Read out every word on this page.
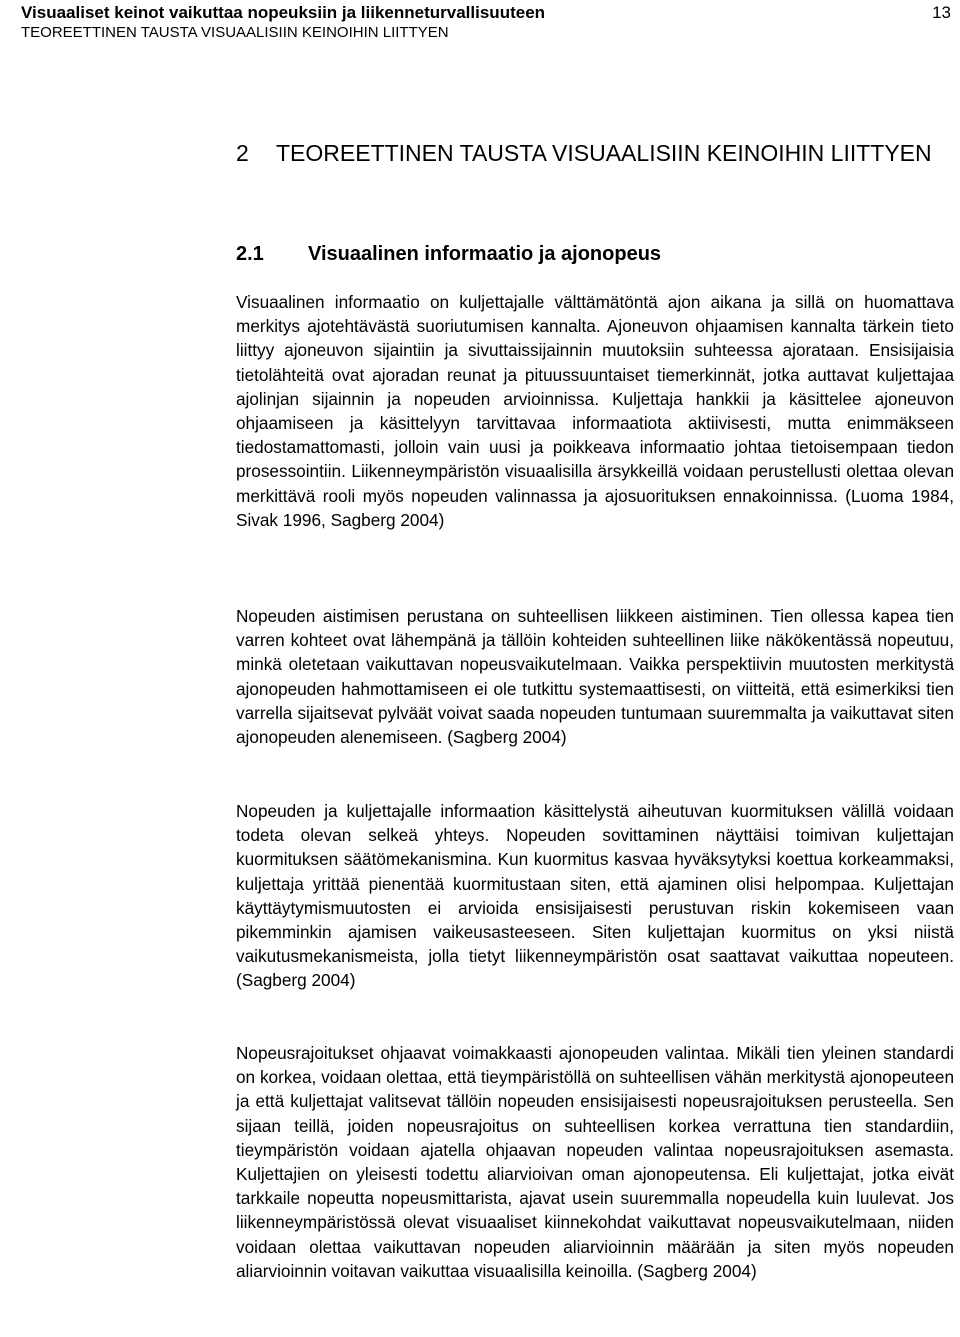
Visuaaliset keinot vaikuttaa nopeuksiin ja liikenneturvallisuuteen
TEOREETTINEN TAUSTA VISUAALISIIN KEINOIHIN LIITTYEN
13
2 TEOREETTINEN TAUSTA VISUAALISIIN KEINOIHIN LIITTYEN
2.1 Visuaalinen informaatio ja ajonopeus

Visuaalinen informaatio on kuljettajalle välttämätöntä ajon aikana ja sillä on huomattava merkitys ajotehtävästä suoriutumisen kannalta. Ajoneuvon ohjaamisen kannalta tärkein tieto liittyy ajoneuvon sijaintiin ja sivuttaissijainnin muutoksiin suhteessa ajorataan. Ensisijaisia tietolähteitä ovat ajoradan reunat ja pituussuuntaiset tiemerkinnät, jotka auttavat kuljettajaa ajolinjan sijainnin ja nopeuden arvioinnissa. Kuljettaja hankkii ja käsittelee ajoneuvon ohjaamiseen ja käsittelyyn tarvittavaa informaatiota aktiivisesti, mutta enimmäkseen tiedostamattomasti, jolloin vain uusi ja poikkeava informaatio johtaa tietoisempaan tiedon prosessointiin. Liikenneympäristön visuaalisilla ärsykkeillä voidaan perustellusti olettaa olevan merkittävä rooli myös nopeuden valinnassa ja ajosuorituksen ennakoinnissa. (Luoma 1984, Sivak 1996, Sagberg 2004)

Nopeuden aistimisen perustana on suhteellisen liikkeen aistiminen. Tien ollessa kapea tien varren kohteet ovat lähempänä ja tällöin kohteiden suhteellinen liike näkökentässä nopeutuu, minkä oletetaan vaikuttavan nopeusvaikutelmaan. Vaikka perspektiivin muutosten merkitystä ajonopeuden hahmottamiseen ei ole tutkittu systemaattisesti, on viitteitä, että esimerkiksi tien varrella sijaitsevat pylväät voivat saada nopeuden tuntumaan suuremmalta ja vaikuttavat siten ajonopeuden alenemiseen. (Sagberg 2004)

Nopeuden ja kuljettajalle informaation käsittelystä aiheutuvan kuormituksen välillä voidaan todeta olevan selkeä yhteys. Nopeuden sovittaminen näyttäisi toimivan kuljettajan kuormituksen säätömekanismina. Kun kuormitus kasvaa hyväksytyksi koettua korkeammaksi, kuljettaja yrittää pienentää kuormitustaan siten, että ajaminen olisi helpompaa. Kuljettajan käyttäytymismuutosten ei arvioida ensisijaisesti perustuvan riskin kokemiseen vaan pikemminkin ajamisen vaikeusasteeseen. Siten kuljettajan kuormitus on yksi niistä vaikutusmekanismeista, jolla tietyt liikenneympäristön osat saattavat vaikuttaa nopeuteen. (Sagberg 2004)

Nopeusrajoitukset ohjaavat voimakkaasti ajonopeuden valintaa. Mikäli tien yleinen standardi on korkea, voidaan olettaa, että tieympäristöllä on suhteellisen vähän merkitystä ajonopeuteen ja että kuljettajat valitsevat tällöin nopeuden ensisijaisesti nopeusrajoituksen perusteella. Sen sijaan teillä, joiden nopeusrajoitus on suhteellisen korkea verrattuna tien standardiin, tieympäristön voidaan ajatella ohjaavan nopeuden valintaa nopeusrajoituksen asemasta. Kuljettajien on yleisesti todettu aliarvioivan oman ajonopeutensa. Eli kuljettajat, jotka eivät tarkkaile nopeutta nopeusmittarista, ajavat usein suuremmalla nopeudella kuin luulevat. Jos liikenneympäristössä olevat visuaaliset kiinnekohdat vaikuttavat nopeusvaikutelmaan, niiden voidaan olettaa vaikuttavan nopeuden aliarvioinnin määrään ja siten myös nopeuden aliarvioinnin voitavan vaikuttaa visuaalisilla keinoilla. (Sagberg 2004)
